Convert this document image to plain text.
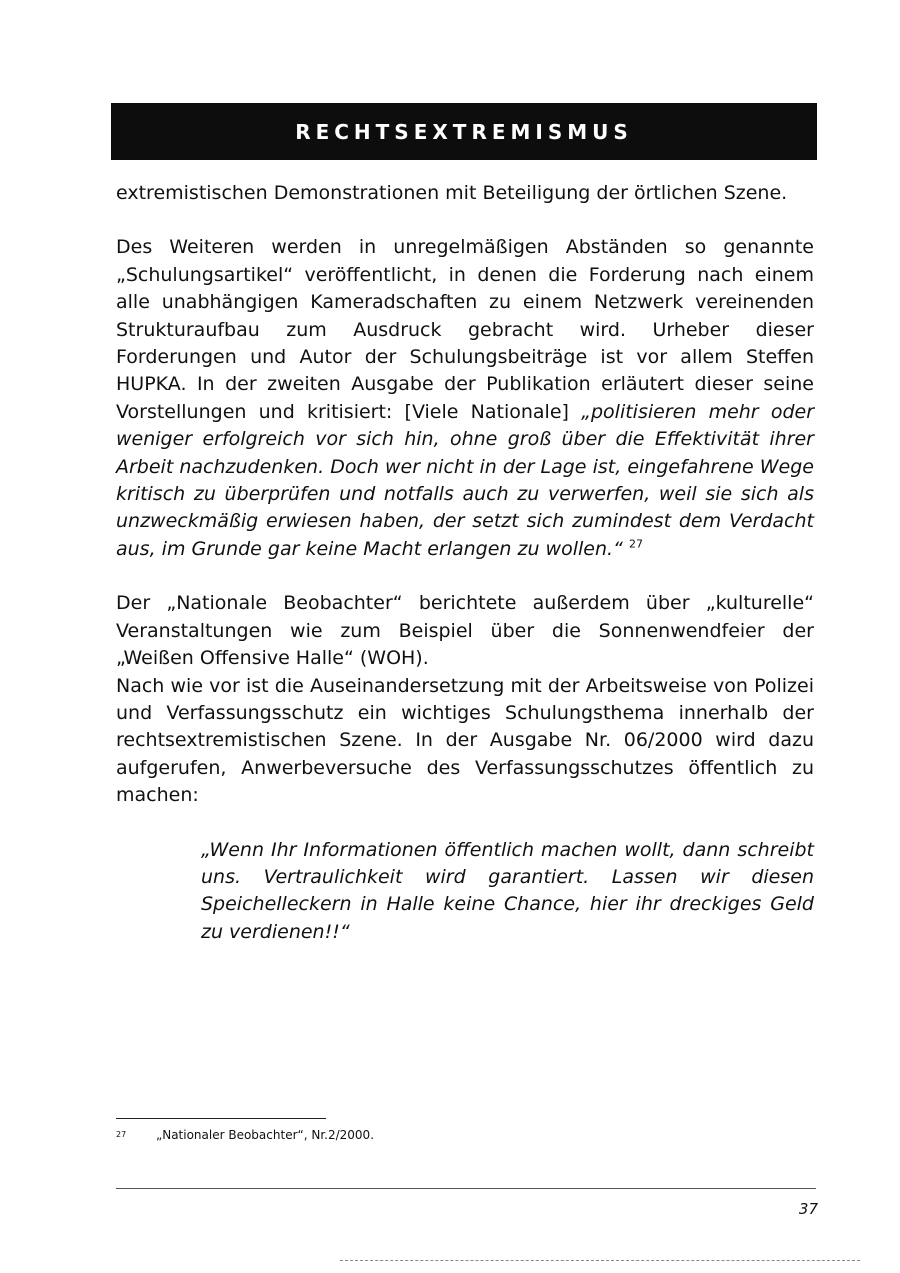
RECHTSEXTREMISMUS

extremistischen Demonstrationen mit Beteiligung der örtlichen Szene.

Des Weiteren werden in unregelmäßigen Abständen so genannte „Schulungsartikel“ veröffentlicht, in denen die Forderung nach einem alle unabhängigen Kameradschaften zu einem Netzwerk vereinenden Strukturaufbau zum Ausdruck gebracht wird. Urheber dieser Forderungen und Autor der Schulungsbeiträge ist vor allem Steffen HUPKA. In der zweiten Ausgabe der Publikation erläutert dieser seine Vorstellungen und kritisiert: [Viele Nationale] „politisieren mehr oder weniger erfolgreich vor sich hin, ohne groß über die Effektivität ihrer Arbeit nachzudenken. Doch wer nicht in der Lage ist, eingefahrene Wege kritisch zu überprüfen und notfalls auch zu verwerfen, weil sie sich als unzweckmäßig erwiesen haben, der setzt sich zumindest dem Verdacht aus, im Grunde gar keine Macht erlangen zu wollen.“ $^{27}$

Der „Nationale Beobachter“ berichtete außerdem über „kulturelle“ Veranstaltungen wie zum Beispiel über die Sonnenwendfeier der „Weißen Offensive Halle“ (WOH).

Nach wie vor ist die Auseinandersetzung mit der Arbeitsweise von Polizei und Verfassungsschutz ein wichtiges Schulungsthema innerhalb der rechtsextremistischen Szene. In der Ausgabe Nr. 06/2000 wird dazu aufgerufen, Anwerbeversuche des Verfassungsschutzes öffentlich zu machen:

„Wenn Ihr Informationen öffentlich machen wollt, dann schreibt uns. Vertraulichkeit wird garantiert. Lassen wir diesen Speichelleckern in Halle keine Chance, hier ihr dreckiges Geld zu verdienen!!“

27 „Nationaler Beobachter“, Nr.2/2000.
37
